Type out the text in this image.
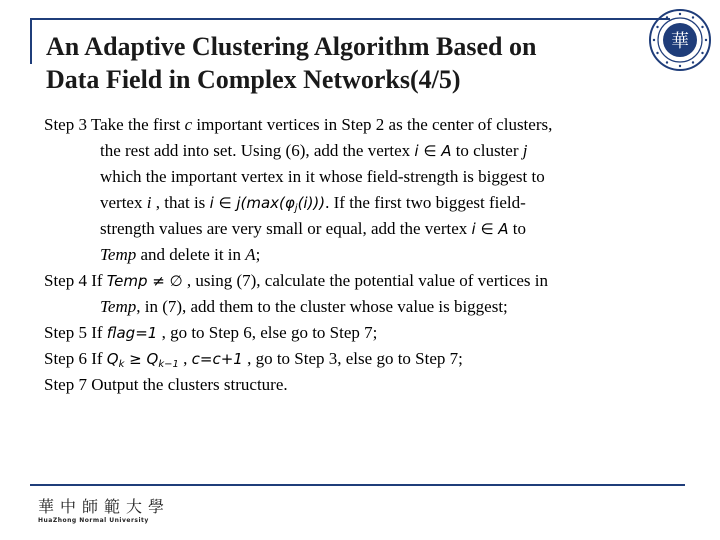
An Adaptive Clustering Algorithm Based on
Data Field in Complex Networks(4/5)
華
Step 3 Take the first c important vertices in Step 2 as the center of clusters,
the rest add into set. Using (6), add the vertex i ∈ A to cluster j
which the important vertex in it whose field-strength is biggest to
vertex i , that is i ∈ $j(\max(\varphi_j(i)))$. If the first two biggest field-
strength values are very small or equal, add the vertex i ∈ A to
Temp and delete it in A;
Step 4 If Temp ≠ ∅ , using (7), calculate the potential value of vertices in
Temp, in (7), add them to the cluster whose value is biggest;
Step 5 If flag=1 , go to Step 6, else go to Step 7;
Step 6 If $Q_k \ge Q_{k-1}$ , c=c+1 , go to Step 3, else go to Step 7;
Step 7 Output the clusters structure.
華中師範大學
HuaZhong Normal University
